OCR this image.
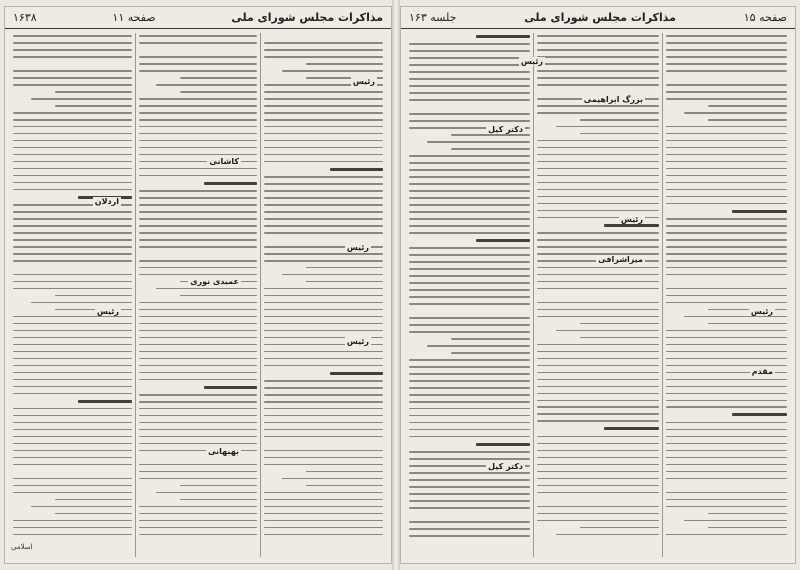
مذاکرات مجلس شورای ملی
صفحه ۱۱
۱۶۳۸
رئیس
کاشانی
رئیس
عمیدی نوری
رئیس
اردلان
رئیس
بهبهانی
اسلامی
صفحه ۱۵
مذاکرات مجلس شورای ملی
جلسه ۱۶۳
رئیس
بزرگ ابراهیمی
دکتر کیل
رئیس
میراشرافی
رئیس
دکتر کیل
مقدم
